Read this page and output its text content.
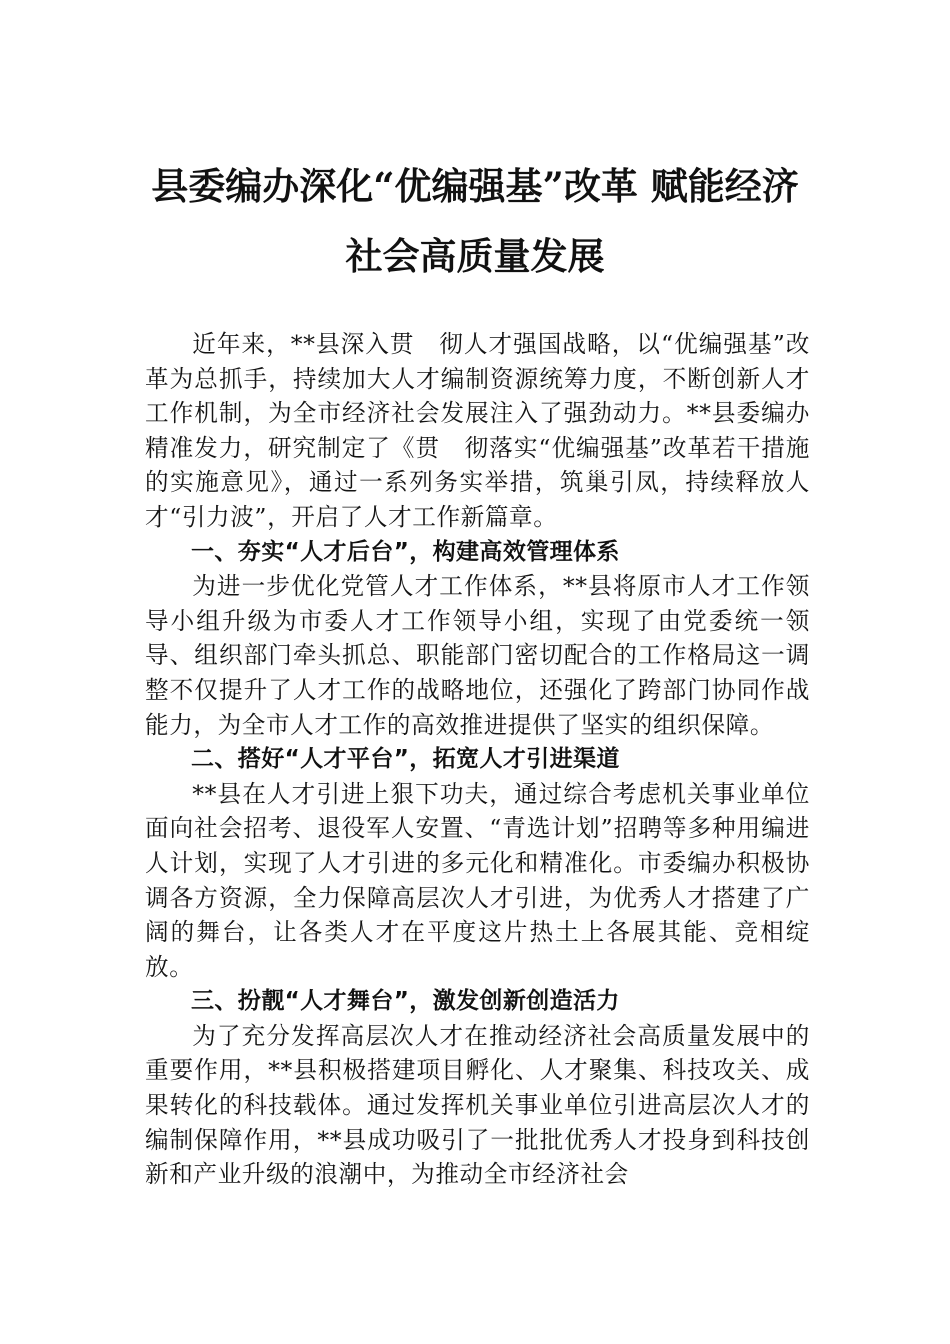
县委编办深化“优编强基”改革 赋能经济
社会高质量发展

近年来，**县深入贯　彻人才强国战略，以“优编强基”改革为总抓手，持续加大人才编制资源统筹力度，不断创新人才工作机制，为全市经济社会发展注入了强劲动力。**县委编办精准发力，研究制定了《贯　彻落实“优编强基”改革若干措施的实施意见》，通过一系列务实举措，筑巢引凤，持续释放人才“引力波”，开启了人才工作新篇章。

一、夯实“人才后台”，构建高效管理体系

为进一步优化党管人才工作体系，**县将原市人才工作领导小组升级为市委人才工作领导小组，实现了由党委统一领导、组织部门牵头抓总、职能部门密切配合的工作格局这一调整不仅提升了人才工作的战略地位，还强化了跨部门协同作战能力，为全市人才工作的高效推进提供了坚实的组织保障。

二、搭好“人才平台”，拓宽人才引进渠道

**县在人才引进上狠下功夫，通过综合考虑机关事业单位面向社会招考、退役军人安置、“青选计划”招聘等多种用编进人计划，实现了人才引进的多元化和精准化。市委编办积极协调各方资源，全力保障高层次人才引进，为优秀人才搭建了广阔的舞台，让各类人才在平度这片热土上各展其能、竞相绽放。

三、扮靓“人才舞台”，激发创新创造活力

为了充分发挥高层次人才在推动经济社会高质量发展中的重要作用，**县积极搭建项目孵化、人才聚集、科技攻关、成果转化的科技载体。通过发挥机关事业单位引进高层次人才的编制保障作用，**县成功吸引了一批批优秀人才投身到科技创新和产业升级的浪潮中，为推动全市经济社会
